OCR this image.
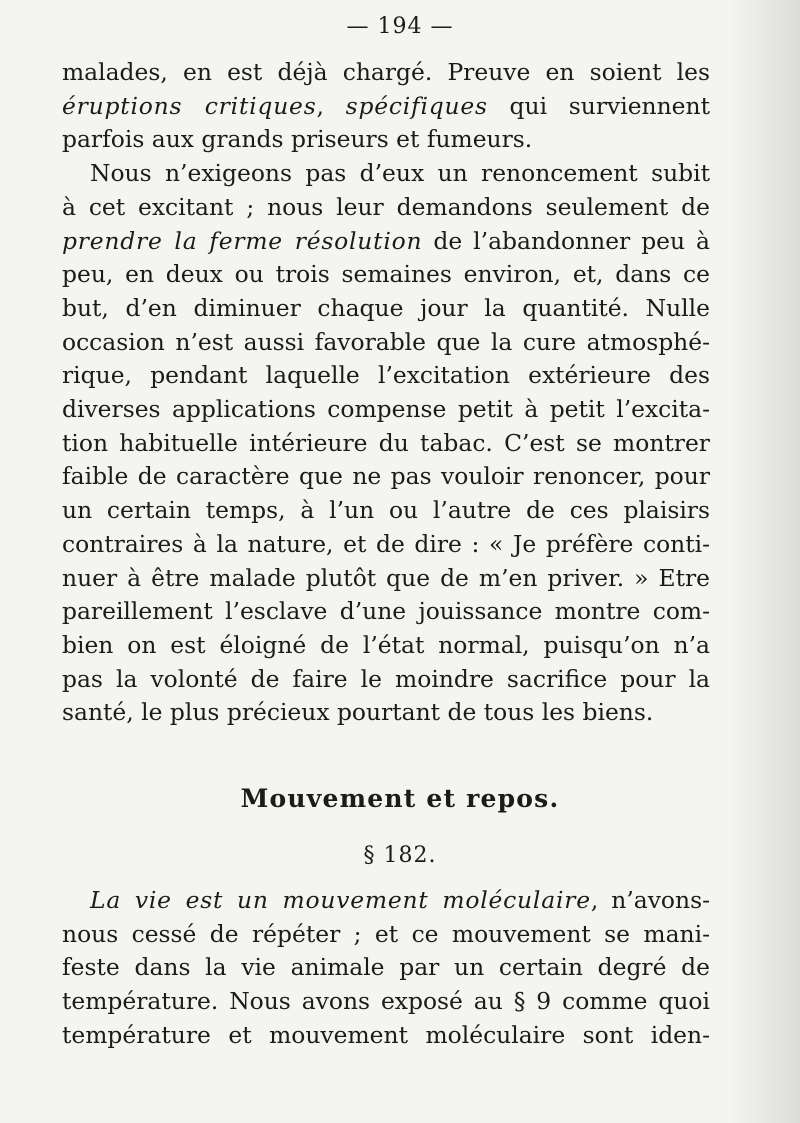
— 194 —
malades, en est déjà chargé. Preuve en soient les
éruptions critiques, spécifiques qui surviennent
parfois aux grands priseurs et fumeurs.
Nous n’exigeons pas d’eux un renoncement subit
à cet excitant ; nous leur demandons seulement de
prendre la ferme résolution de l’abandonner peu à
peu, en deux ou trois semaines environ, et, dans ce
but, d’en diminuer chaque jour la quantité. Nulle
occasion n’est aussi favorable que la cure atmosphé-
rique, pendant laquelle l’excitation extérieure des
diverses applications compense petit à petit l’excita-
tion habituelle intérieure du tabac. C’est se montrer
faible de caractère que ne pas vouloir renoncer, pour
un certain temps, à l’un ou l’autre de ces plaisirs
contraires à la nature, et de dire : « Je préfère conti-
nuer à être malade plutôt que de m’en priver. » Etre
pareillement l’esclave d’une jouissance montre com-
bien on est éloigné de l’état normal, puisqu’on n’a
pas la volonté de faire le moindre sacrifice pour la
santé, le plus précieux pourtant de tous les biens.
Mouvement et repos.
§ 182.
La vie est un mouvement moléculaire, n’avons-
nous cessé de répéter ; et ce mouvement se mani-
feste dans la vie animale par un certain degré de
température. Nous avons exposé au § 9 comme quoi
température et mouvement moléculaire sont iden-
